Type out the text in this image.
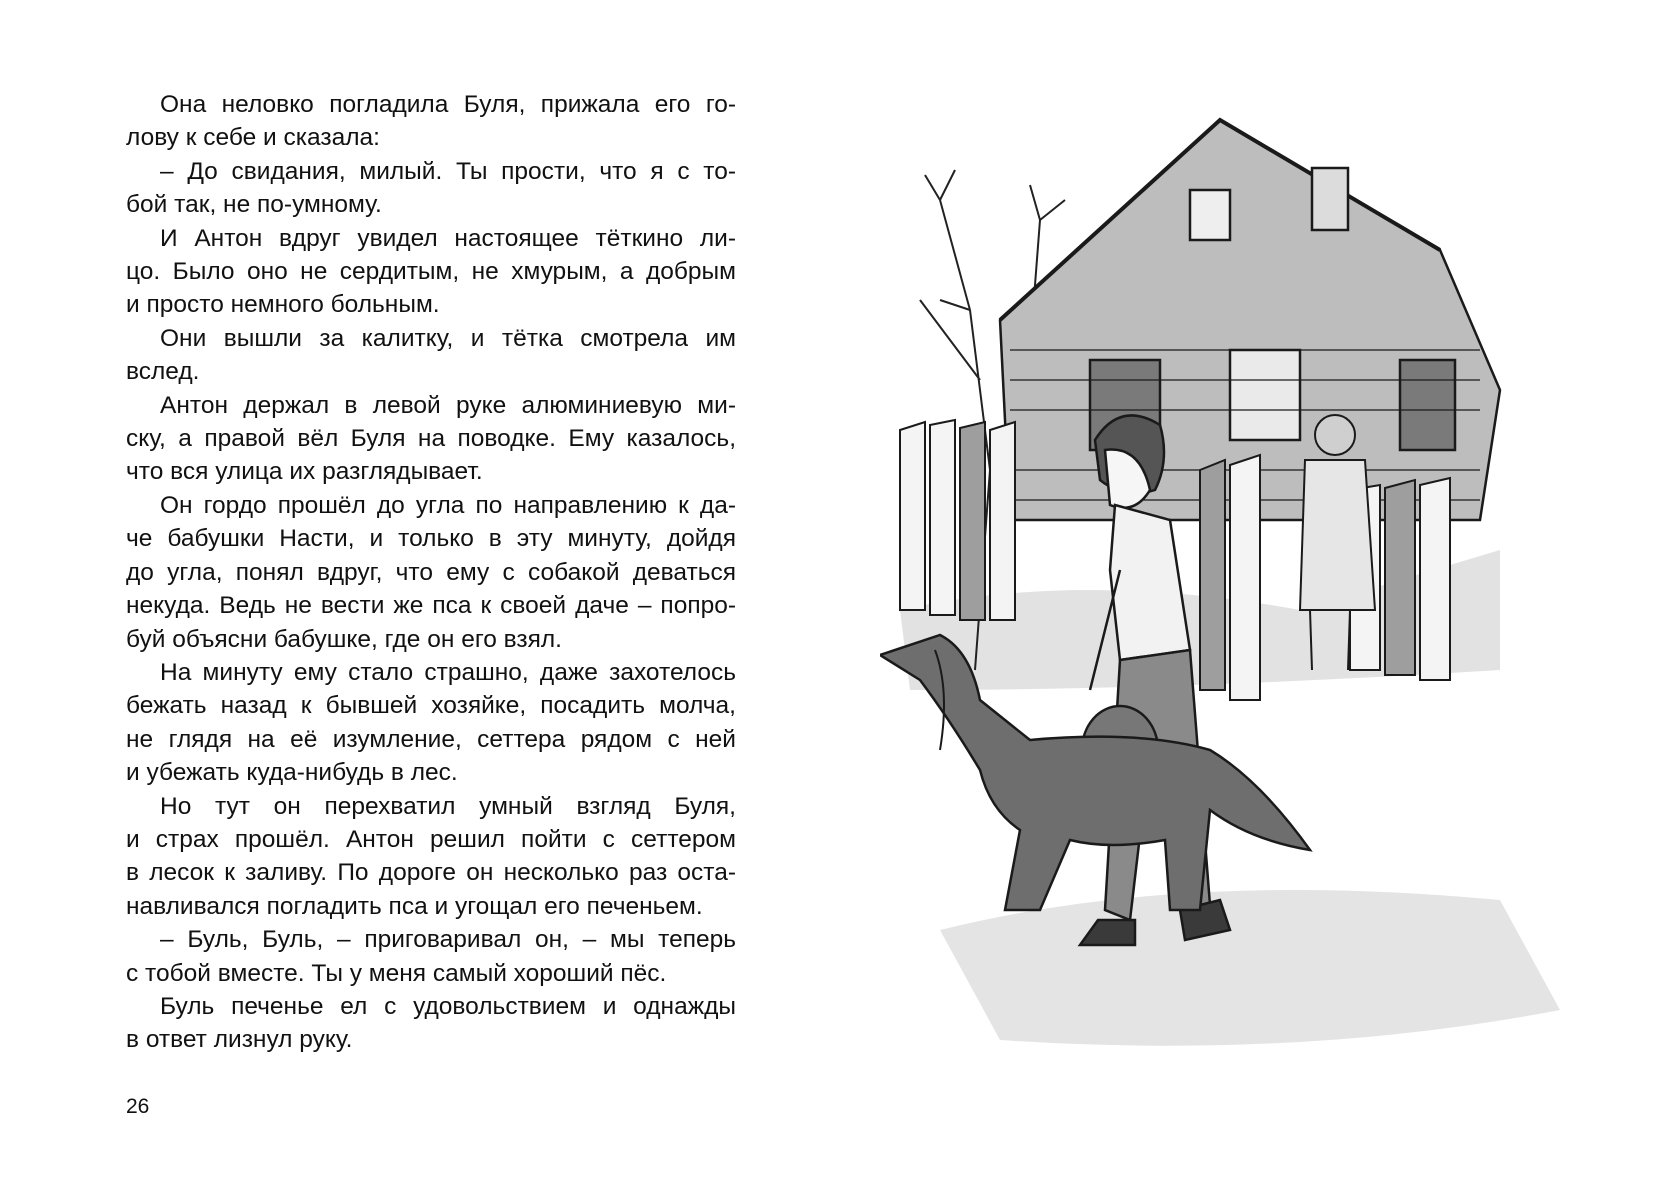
Она неловко погладила Буля, прижала его го-

лову к себе и сказала:

– До свидания, милый. Ты прости, что я с то-

бой так, не по-умному.

И Антон вдруг увидел настоящее тёткино ли-

цо. Было оно не сердитым, не хмурым, а добрым

и просто немного больным.

Они вышли за калитку, и тётка смотрела им

вслед.

Антон держал в левой руке алюминиевую ми-

ску, а правой вёл Буля на поводке. Ему казалось,

что вся улица их разглядывает.

Он гордо прошёл до угла по направлению к да-

че бабушки Насти, и только в эту минуту, дойдя

до угла, понял вдруг, что ему с собакой деваться

некуда. Ведь не вести же пса к своей даче – попро-

буй объясни бабушке, где он его взял.

На минуту ему стало страшно, даже захотелось

бежать назад к бывшей хозяйке, посадить молча,

не глядя на её изумление, сеттера рядом с ней

и убежать куда-нибудь в лес.

Но тут он перехватил умный взгляд Буля,

и страх прошёл. Антон решил пойти с сеттером

в лесок к заливу. По дороге он несколько раз оста-

навливался погладить пса и угощал его печеньем.

– Буль, Буль, – приговаривал он, – мы теперь

с тобой вместе. Ты у меня самый хороший пёс.

Буль печенье ел с удовольствием и однажды

в ответ лизнул руку.

26
